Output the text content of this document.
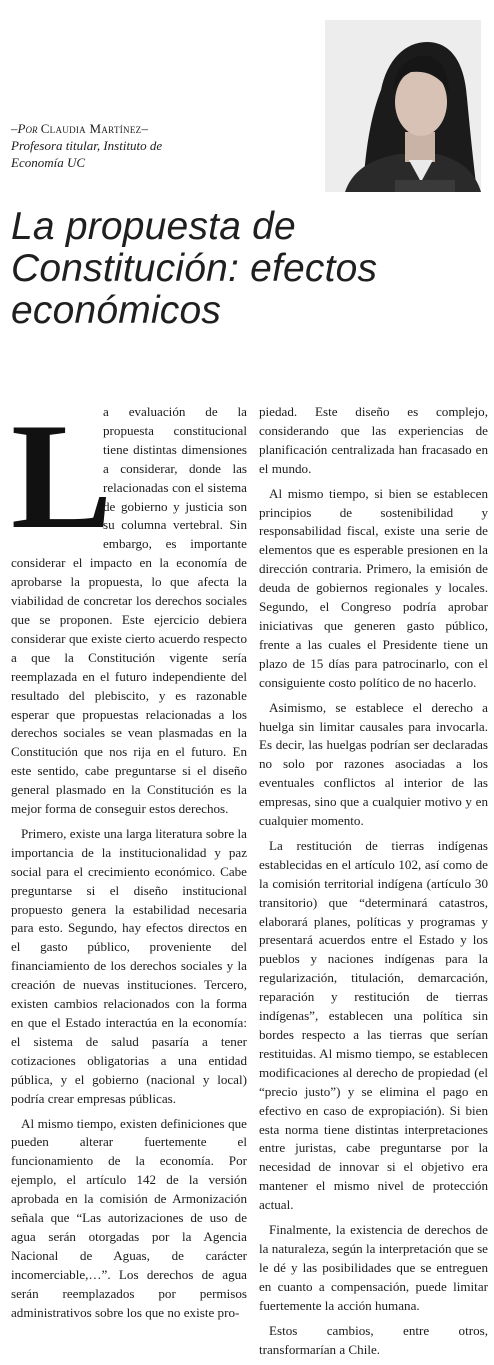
–Por Claudia Martínez–
Profesora titular, Instituto de
Economía UC
La propuesta de
Constitución: efectos
económicos
L

a evaluación de la propuesta constitucional tiene distintas dimensiones a considerar, donde las relacionadas con el sistema de gobierno y justicia son su columna vertebral. Sin embargo, es importante considerar el impacto en la economía de aprobarse la propuesta, lo que afecta la viabilidad de concretar los derechos sociales que se proponen. Este ejercicio debiera considerar que existe cierto acuerdo respecto a que la Constitución vigente sería reemplazada en el futuro independiente del resultado del plebiscito, y es razonable esperar que propuestas relacionadas a los derechos sociales se vean plasmadas en la Constitución que nos rija en el futuro. En este sentido, cabe preguntarse si el diseño general plasmado en la Constitución es la mejor forma de conseguir estos derechos.

Primero, existe una larga literatura sobre la importancia de la institucionalidad y paz social para el crecimiento económico. Cabe preguntarse si el diseño institucional propuesto genera la estabilidad necesaria para esto. Segundo, hay efectos directos en el gasto público, proveniente del financiamiento de los derechos sociales y la creación de nuevas instituciones. Tercero, existen cambios relacionados con la forma en que el Estado interactúa en la economía: el sistema de salud pasaría a tener cotizaciones obligatorias a una entidad pública, y el gobierno (nacional y local) podría crear empresas públicas.

Al mismo tiempo, existen definiciones que pueden alterar fuertemente el funcionamiento de la economía. Por ejemplo, el artículo 142 de la versión aprobada en la comisión de Armonización señala que “Las autorizaciones de uso de agua serán otorgadas por la Agencia Nacional de Aguas, de carácter incomerciable,…”. Los derechos de agua serán reemplazados por permisos administrativos sobre los que no existe pro-

piedad. Este diseño es complejo, considerando que las experiencias de planificación centralizada han fracasado en el mundo.

Al mismo tiempo, si bien se establecen principios de sostenibilidad y responsabilidad fiscal, existe una serie de elementos que es esperable presionen en la dirección contraria. Primero, la emisión de deuda de gobiernos regionales y locales. Segundo, el Congreso podría aprobar iniciativas que generen gasto público, frente a las cuales el Presidente tiene un plazo de 15 días para patrocinarlo, con el consiguiente costo político de no hacerlo.

Asimismo, se establece el derecho a huelga sin limitar causales para invocarla. Es decir, las huelgas podrían ser declaradas no solo por razones asociadas a los eventuales conflictos al interior de las empresas, sino que a cualquier motivo y en cualquier momento.

La restitución de tierras indígenas establecidas en el artículo 102, así como de la comisión territorial indígena (artículo 30 transitorio) que “determinará catastros, elaborará planes, políticas y programas y presentará acuerdos entre el Estado y los pueblos y naciones indígenas para la regularización, titulación, demarcación, reparación y restitución de tierras indígenas”, establecen una política sin bordes respecto a las tierras que serían restituidas. Al mismo tiempo, se establecen modificaciones al derecho de propiedad (el “precio justo”) y se elimina el pago en efectivo en caso de expropiación). Si bien esta norma tiene distintas interpretaciones entre juristas, cabe preguntarse por la necesidad de innovar si el objetivo era mantener el mismo nivel de protección actual.

Finalmente, la existencia de derechos de la naturaleza, según la interpretación que se le dé y las posibilidades que se entreguen en cuanto a compensación, puede limitar fuertemente la acción humana.

Estos cambios, entre otros, transformarían a Chile.
